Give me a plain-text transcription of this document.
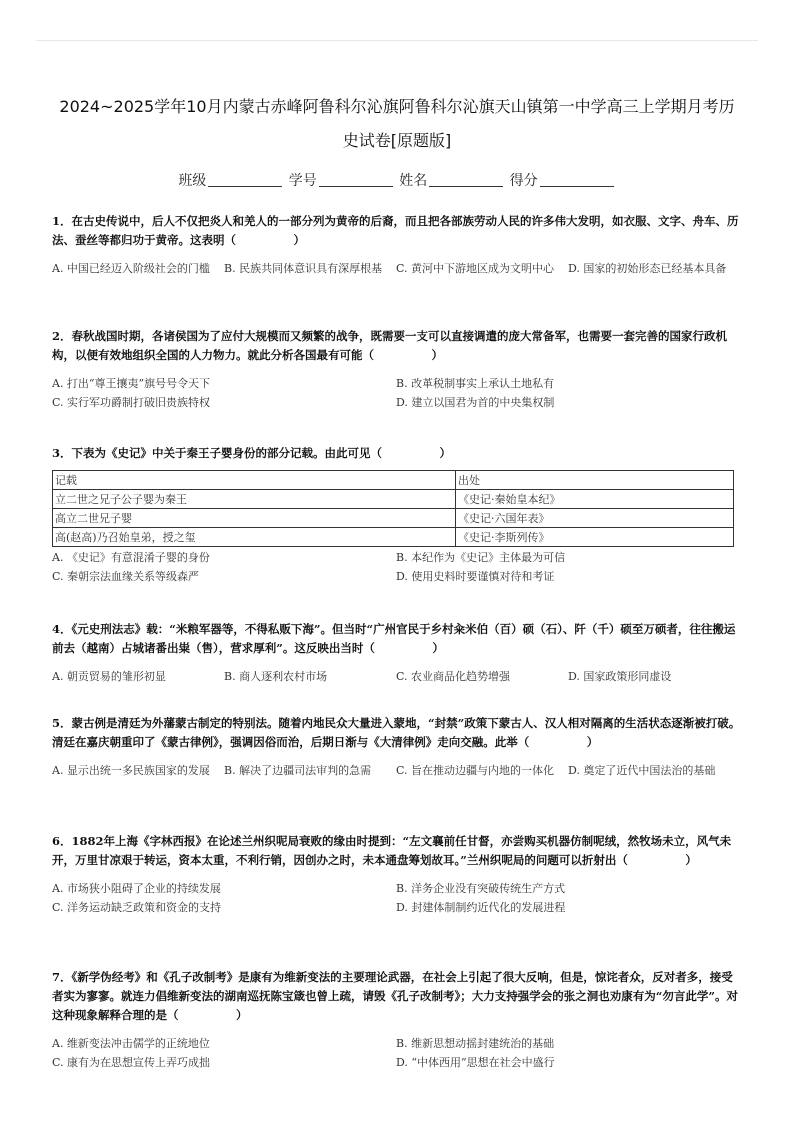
2024~2025学年10月内蒙古赤峰阿鲁科尔沁旗阿鲁科尔沁旗天山镇第一中学高三上学期月考历
史试卷[原题版]
班级	学号	姓名	得分

1．在古史传说中，后人不仅把炎人和羌人的一部分列为黄帝的后裔，而且把各部族劳动人民的许多伟大发明，如衣服、文字、舟车、历法、蚕丝等都归功于黄帝。这表明（　　　　　）

A. 中国已经迈入阶级社会的门槛	B. 民族共同体意识具有深厚根基	C. 黄河中下游地区成为文明中心	D. 国家的初始形态已经基本具备

2．春秋战国时期，各诸侯国为了应付大规模而又频繁的战争，既需要一支可以直接调遣的庞大常备军，也需要一套完善的国家行政机构，以便有效地组织全国的人力物力。就此分析各国最有可能（　　　　　）

A. 打出“尊王攘夷”旗号号令天下	B. 改革税制事实上承认土地私有
C. 实行军功爵制打破旧贵族特权	D. 建立以国君为首的中央集权制

3．下表为《史记》中关于秦王子婴身份的部分记载。由此可见（　　　　　）

记载	出处
立二世之兄子公子婴为秦王	《史记·秦始皇本纪》
高立二世兄子婴	《史记·六国年表》
高(赵高)乃召始皇弟，授之玺	《史记·李斯列传》
A. 《史记》有意混淆子婴的身份	B. 本纪作为《史记》主体最为可信
C. 秦朝宗法血缘关系等级森严	D. 使用史料时要谨慎对待和考证

4．《元史刑法志》载：“米粮军器等，不得私贩下海”。但当时“广州官民于乡村籴米伯（百）硕（石）、阡（千）硕至万硕者，往往搬运前去（越南）占城诸番出粜（售），营求厚利”。这反映出当时（　　　　　）

A. 朝贡贸易的雏形初显	B. 商人逐利农村市场	C. 农业商品化趋势增强	D. 国家政策形同虚设

5．蒙古例是清廷为外藩蒙古制定的特别法。随着内地民众大量进入蒙地，“封禁”政策下蒙古人、汉人相对隔离的生活状态逐渐被打破。清廷在嘉庆朝重印了《蒙古律例》，强调因俗而治，后期日渐与《大清律例》走向交融。此举（　　　　　）

A. 显示出统一多民族国家的发展	B. 解决了边疆司法审判的急需	C. 旨在推动边疆与内地的一体化	D. 奠定了近代中国法治的基础

6．1882年上海《字林西报》在论述兰州织呢局衰败的缘由时提到：“左文襄前任甘督，亦尝购买机器仿制呢绒，然牧场未立，风气未开，万里甘凉艰于转运，资本太重，不利行销，因创办之时，未本通盘筹划故耳。”兰州织呢局的问题可以折射出（　　　　　）

A. 市场狭小阻碍了企业的持续发展	B. 洋务企业没有突破传统生产方式
C. 洋务运动缺乏政策和资金的支持	D. 封建体制制约近代化的发展进程

7．《新学伪经考》和《孔子改制考》是康有为维新变法的主要理论武器，在社会上引起了很大反响，但是，惊诧者众，反对者多，接受者实为寥寥。就连力倡维新变法的湖南巡抚陈宝箴也曾上疏，请毁《孔子改制考》；大力支持强学会的张之洞也劝康有为“勿言此学”。对这种现象解释合理的是（　　　　　）

A. 维新变法冲击儒学的正统地位	B. 维新思想动摇封建统治的基础
C. 康有为在思想宣传上弄巧成拙	D. “中体西用”思想在社会中盛行
